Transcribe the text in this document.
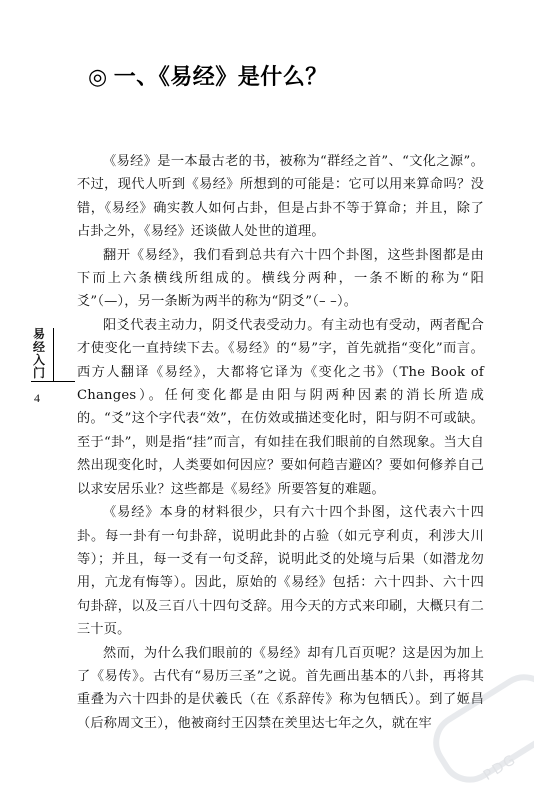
◎ 一、《易经》是什么？
易经入门
4

《易经》是一本最古老的书，被称为“群经之首”、“文化之源”。不过，现代人听到《易经》所想到的可能是：它可以用来算命吗？没错，《易经》确实教人如何占卦，但是占卦不等于算命；并且，除了占卦之外，《易经》还谈做人处世的道理。

翻开《易经》，我们看到总共有六十四个卦图，这些卦图都是由下而上六条横线所组成的。横线分两种，一条不断的称为“阳爻”（—），另一条断为两半的称为“阴爻”（– –）。

阳爻代表主动力，阴爻代表受动力。有主动也有受动，两者配合才使变化一直持续下去。《易经》的“易”字，首先就指“变化”而言。西方人翻译《易经》，大都将它译为《变化之书》（The Book of Changes）。任何变化都是由阳与阴两种因素的消长所造成的。“爻”这个字代表“效”，在仿效或描述变化时，阳与阴不可或缺。至于“卦”，则是指“挂”而言，有如挂在我们眼前的自然现象。当大自然出现变化时，人类要如何因应？要如何趋吉避凶？要如何修养自己以求安居乐业？这些都是《易经》所要答复的难题。

《易经》本身的材料很少，只有六十四个卦图，这代表六十四卦。每一卦有一句卦辞，说明此卦的占验（如元亨利贞，利涉大川等）；并且，每一爻有一句爻辞，说明此爻的处境与后果（如潜龙勿用，亢龙有悔等）。因此，原始的《易经》包括：六十四卦、六十四句卦辞，以及三百八十四句爻辞。用今天的方式来印刷，大概只有二三十页。

然而，为什么我们眼前的《易经》却有几百页呢？这是因为加上了《易传》。古代有“易历三圣”之说。首先画出基本的八卦，再将其重叠为六十四卦的是伏羲氏（在《系辞传》称为包牺氏）。到了姬昌（后称周文王），他被商纣王囚禁在羑里达七年之久，就在牢

PDG
